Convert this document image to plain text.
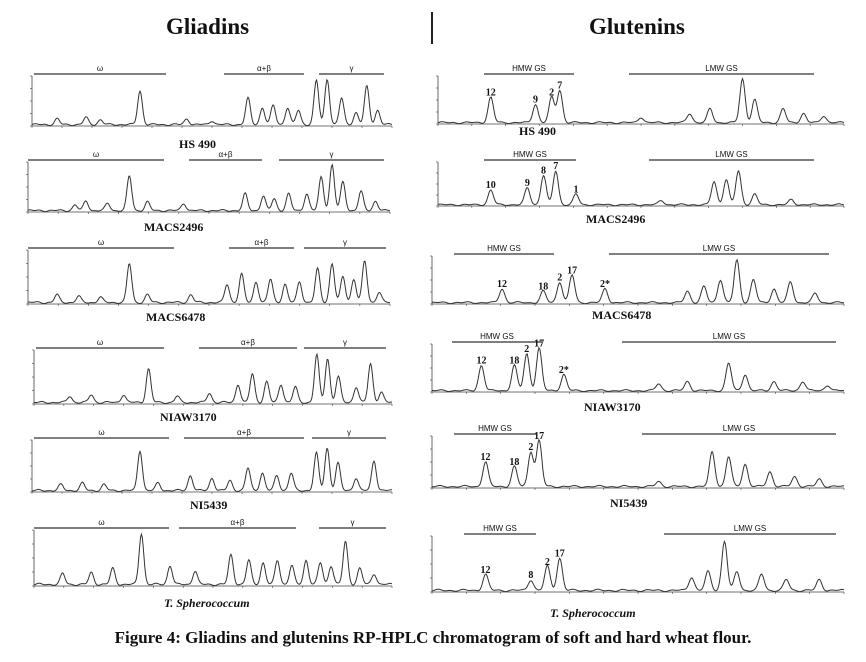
Gliadins	Glutenins
ω	α+β	γ
HS 490
ω	α+β	γ
MACS2496
ω	α+β	γ
MACS6478
ω	α+β	γ
NIAW3170
ω	α+β	γ
NI5439
ω	α+β	γ
T. Spherococcum
HMW GS	LMW GS
12
9
2
7
HS 490
HMW GS	LMW GS
10	9
8 7
1
MACS2496
HMW GS	LMW GS
12	18
2
17
2*
MACS6478
HMW GS	LMW GS
12 18
2
17
2*
NIAW3170
HMW GS	LMW GS
12 18
2
17
NI5439
HMW GS	LMW GS
12	8
2
17
T. Spherococcum
Figure 4: Gliadins and glutenins RP-HPLC chromatogram of soft and hard wheat flour.
